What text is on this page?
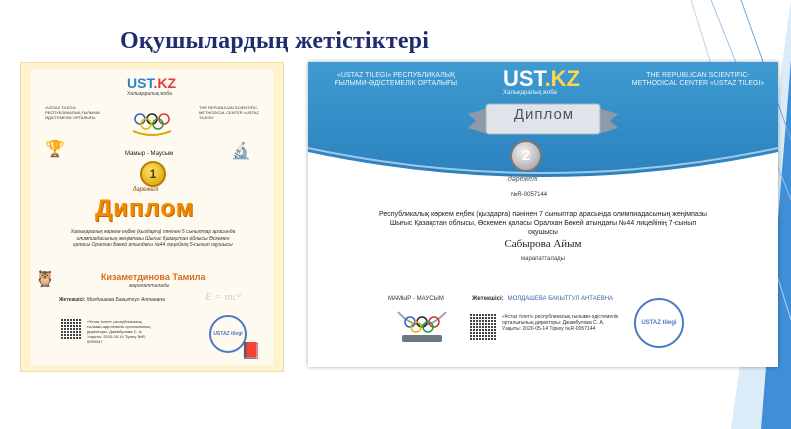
Оқушылардың жетістіктері
UST.KZ
Халықаралық жоба
«USTAZ TILEGI» РЕСПУБЛИКАЛЫҚ ҒЫЛЫМИ-ӘДІСТЕМЕЛІК ОРТАЛЫҒЫ
THE REPUBLICAN SCIENTIFIC-METHODICAL CENTER «USTAZ TILEGI»
Мамыр - Маусым
1
дәрежелі
Диплом
Халықаралық көркем еңбек (қыздарға) пәнінен 5 сыныптар арасында олимпиадасының жеңімпазы Шығыс Қазақстан облысы Өскемен қаласы Оралхан Бөкей атындағы №44 лицейінің 5-сынып оқушысы
Кизаметдинова Тамила
марапатталады
Жетекшісі: Молдашева Бакытгүл Антаевна	E = mc²
«Ұстаз тілегі» республикалық ғылыми-әдістемелік орталығының директоры: Джамбулова С. А. Уақыты: 2020-05-14 Тіркеу №R-0059347
USTAZ tilegi
🏆	🔬
🦉
📕
«USTAZ TILEGI» РЕСПУБЛИКАЛЫҚ ҒЫЛЫМИ-ӘДІСТЕМЕЛІК ОРТАЛЫҒЫ
THE REPUBLICAN SCIENTIFIC-METHODICAL CENTER «USTAZ TILEGI»
UST.KZ
Халықаралық жоба
Диплом
2
дәрежелі
№R-0057144
Республикалық көркем еңбек (қыздарға) пәнінен 7 сыныптар арасында олимпиадасының жеңімпазы Шығыс Қазақстан облысы, Өскемен қаласы Оралхан Бөкей атындағы №44 лицейінің 7-сынып оқушысы
Сабырова Айым
марапатталады
МАМЫР - МАУСЫМ	Жетекшісі: МОЛДАШЕВА БАКЫТГУЛ АНТАЕВНА
«Ұстаз тілегі» республикалық ғылыми-әдістемелік орталығының директоры: Джамбулова С. А. Уақыты: 2020-05-14 Тіркеу №R-0057144
USTAZ tilegi
